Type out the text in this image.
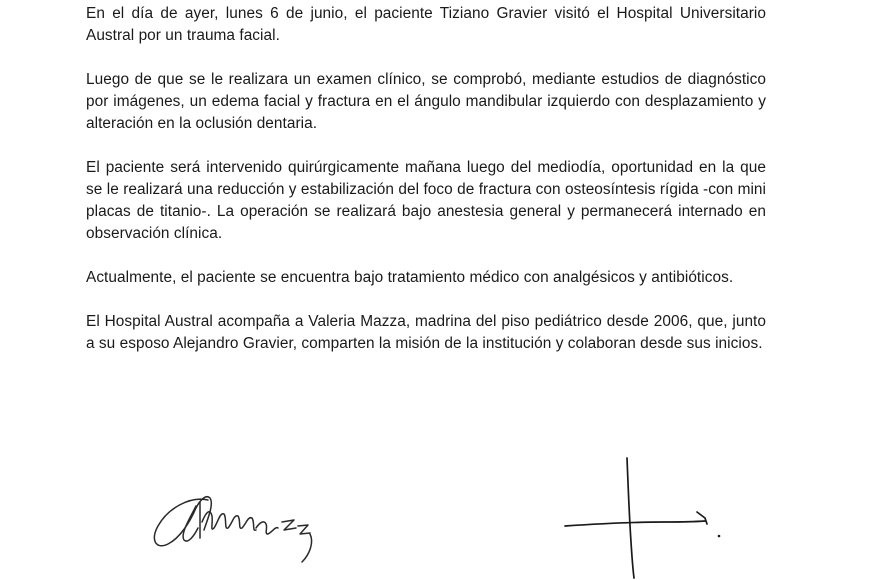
En el día de ayer, lunes 6 de junio, el paciente Tiziano Gravier visitó el Hospital Universitario Austral por un trauma facial.

Luego de que se le realizara un examen clínico, se comprobó, mediante estudios de diagnóstico por imágenes, un edema facial y fractura en el ángulo mandibular izquierdo con desplazamiento y alteración en la oclusión dentaria.

El paciente será intervenido quirúrgicamente mañana luego del mediodía, oportunidad en la que se le realizará una reducción y estabilización del foco de fractura con osteosíntesis rígida -con mini placas de titanio-. La operación se realizará bajo anestesia general y permanecerá internado en observación clínica.

Actualmente, el paciente se encuentra bajo tratamiento médico con analgésicos y antibióticos.

El Hospital Austral acompaña a Valeria Mazza, madrina del piso pediátrico desde 2006, que, junto a su esposo Alejandro Gravier, comparten la misión de la institución y colaboran desde sus inicios.
